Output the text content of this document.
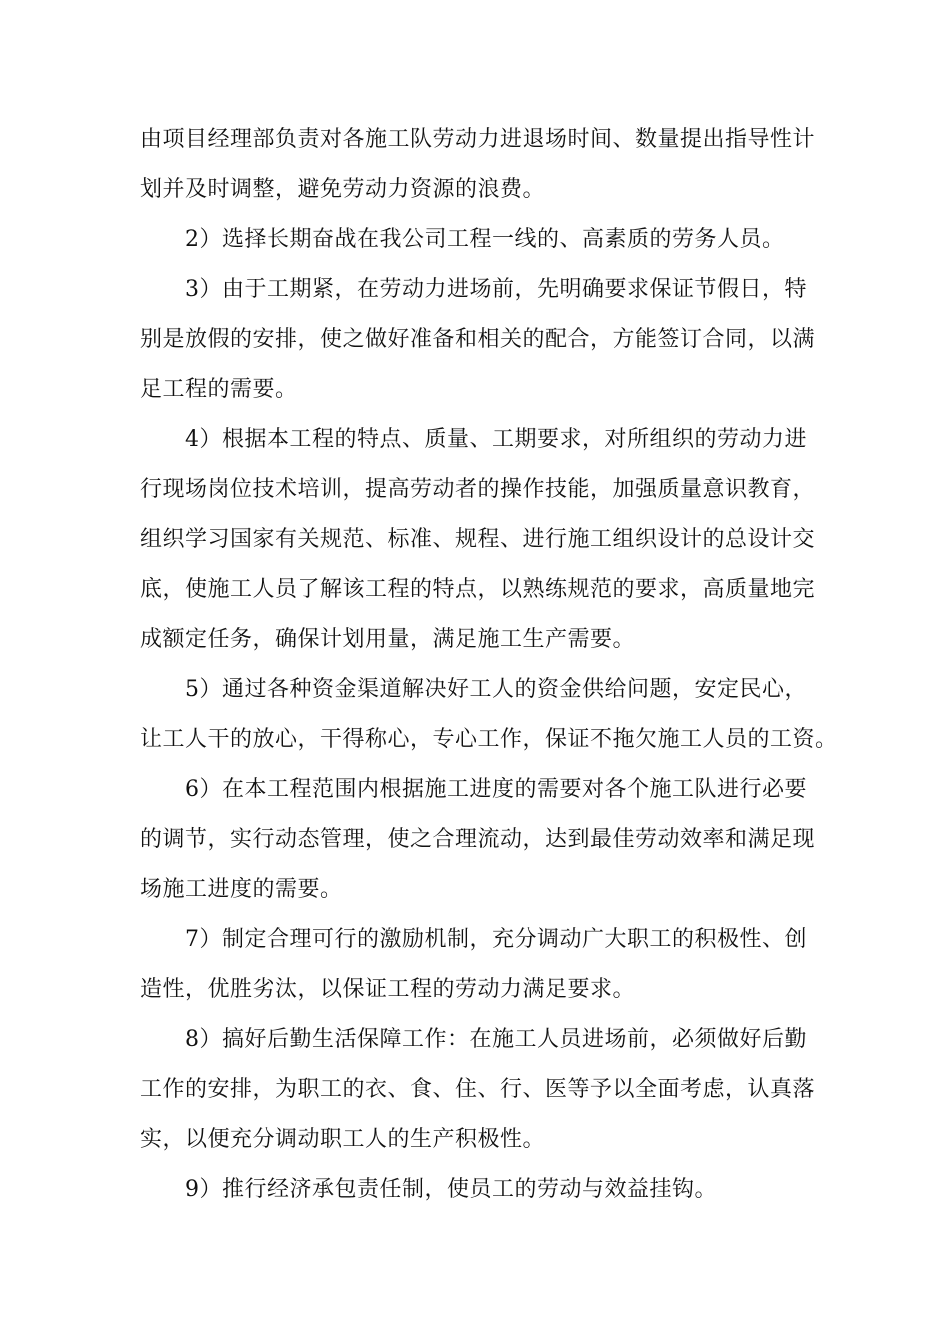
由项目经理部负责对各施工队劳动力进退场时间、数量提出指导性计
划并及时调整，避免劳动力资源的浪费。
2）选择长期奋战在我公司工程一线的、高素质的劳务人员。
3）由于工期紧，在劳动力进场前，先明确要求保证节假日，特
别是放假的安排，使之做好准备和相关的配合，方能签订合同，以满
足工程的需要。
4）根据本工程的特点、质量、工期要求，对所组织的劳动力进
行现场岗位技术培训，提高劳动者的操作技能，加强质量意识教育，
组织学习国家有关规范、标准、规程、进行施工组织设计的总设计交
底，使施工人员了解该工程的特点，以熟练规范的要求，高质量地完
成额定任务，确保计划用量，满足施工生产需要。
5）通过各种资金渠道解决好工人的资金供给问题，安定民心，
让工人干的放心，干得称心，专心工作，保证不拖欠施工人员的工资。
6）在本工程范围内根据施工进度的需要对各个施工队进行必要
的调节，实行动态管理，使之合理流动，达到最佳劳动效率和满足现
场施工进度的需要。
7）制定合理可行的激励机制，充分调动广大职工的积极性、创
造性，优胜劣汰，以保证工程的劳动力满足要求。
8）搞好后勤生活保障工作：在施工人员进场前，必须做好后勤
工作的安排，为职工的衣、食、住、行、医等予以全面考虑，认真落
实，以便充分调动职工人的生产积极性。
9）推行经济承包责任制，使员工的劳动与效益挂钩。
